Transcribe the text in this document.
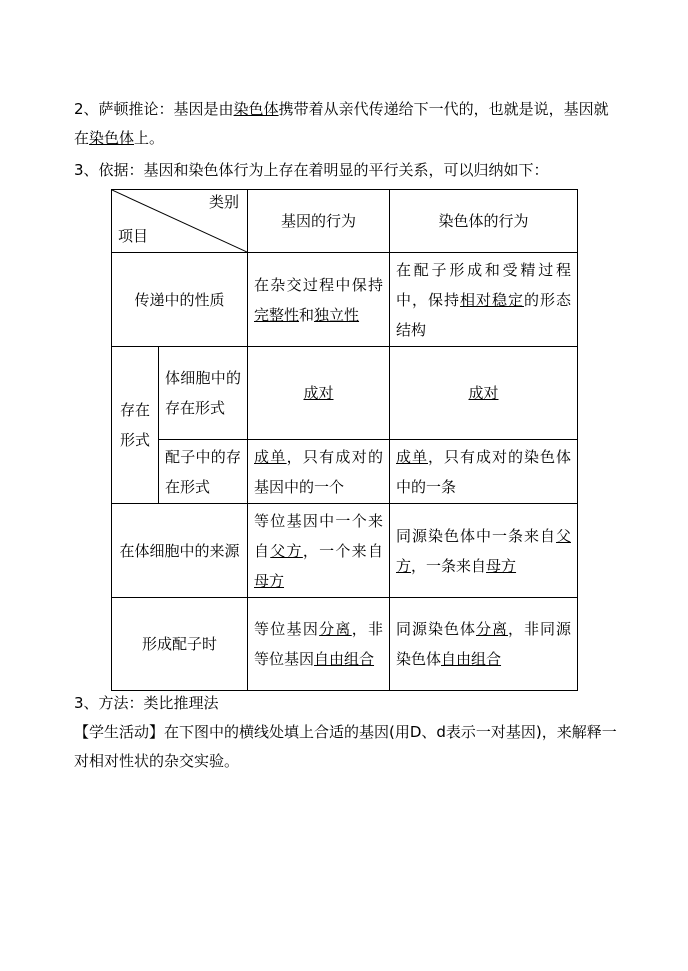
2、萨顿推论：基因是由染色体携带着从亲代传递给下一代的，也就是说，基因就在染色体上。

3、依据：基因和染色体行为上存在着明显的平行关系，可以归纳如下：

类别
项目		基因的行为	染色体的行为
传递中的性质		在杂交过程中保持完整性和独立性	在配子形成和受精过程中，保持相对稳定的形态结构
存在形式	体细胞中的存在形式	成对	成对
	配子中的存在形式	成单，只有成对的基因中的一个	成单，只有成对的染色体中的一条
在体细胞中的来源		等位基因中一个来自父方，一个来自母方	同源染色体中一条来自父方，一条来自母方
形成配子时		等位基因分离，非等位基因自由组合	同源染色体分离，非同源染色体自由组合

3、方法：类比推理法

【学生活动】在下图中的横线处填上合适的基因(用D、d表示一对基因)，来解释一对相对性状的杂交实验。
